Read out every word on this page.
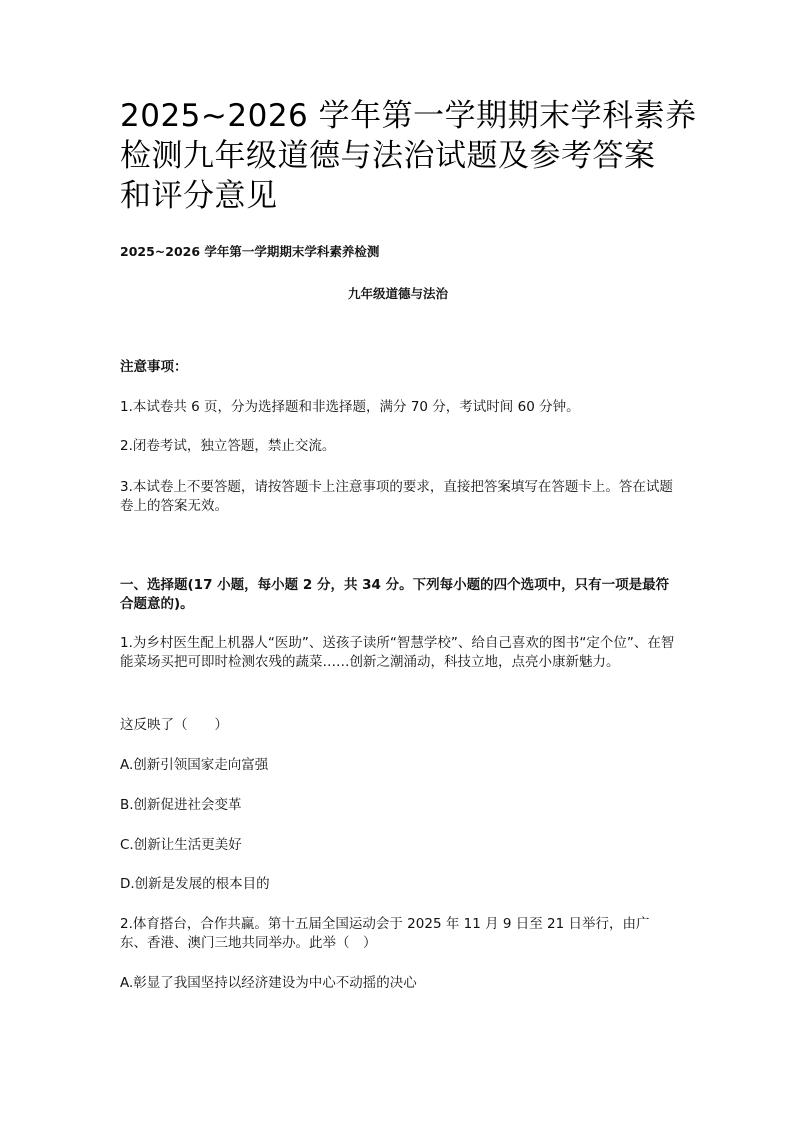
2025~2026 学年第一学期期末学科素养
检测九年级道德与法治试题及参考答案
和评分意见
2025~2026 学年第一学期期末学科素养检测
九年级道德与法治

注意事项：

1.本试卷共 6 页，分为选择题和非选择题，满分 70 分，考试时间 60 分钟。

2.闭卷考试，独立答题，禁止交流。

3.本试卷上不要答题，请按答题卡上注意事项的要求，直接把答案填写在答题卡上。答在试题卷上的答案无效。

一、选择题(17 小题，每小题 2 分，共 34 分。下列每小题的四个选项中，只有一项是最符合题意的)。

1.为乡村医生配上机器人“医助”、送孩子读所“智慧学校”、给自己喜欢的图书“定个位”、在智能菜场买把可即时检测农残的蔬菜……创新之潮涌动，科技立地，点亮小康新魅力。

这反映了（　　）

A.创新引领国家走向富强

B.创新促进社会变革

C.创新让生活更美好

D.创新是发展的根本目的

2.体育搭台，合作共赢。第十五届全国运动会于 2025 年 11 月 9 日至 21 日举行，由广东、香港、澳门三地共同举办。此举（　）

A.彰显了我国坚持以经济建设为中心不动摇的决心
